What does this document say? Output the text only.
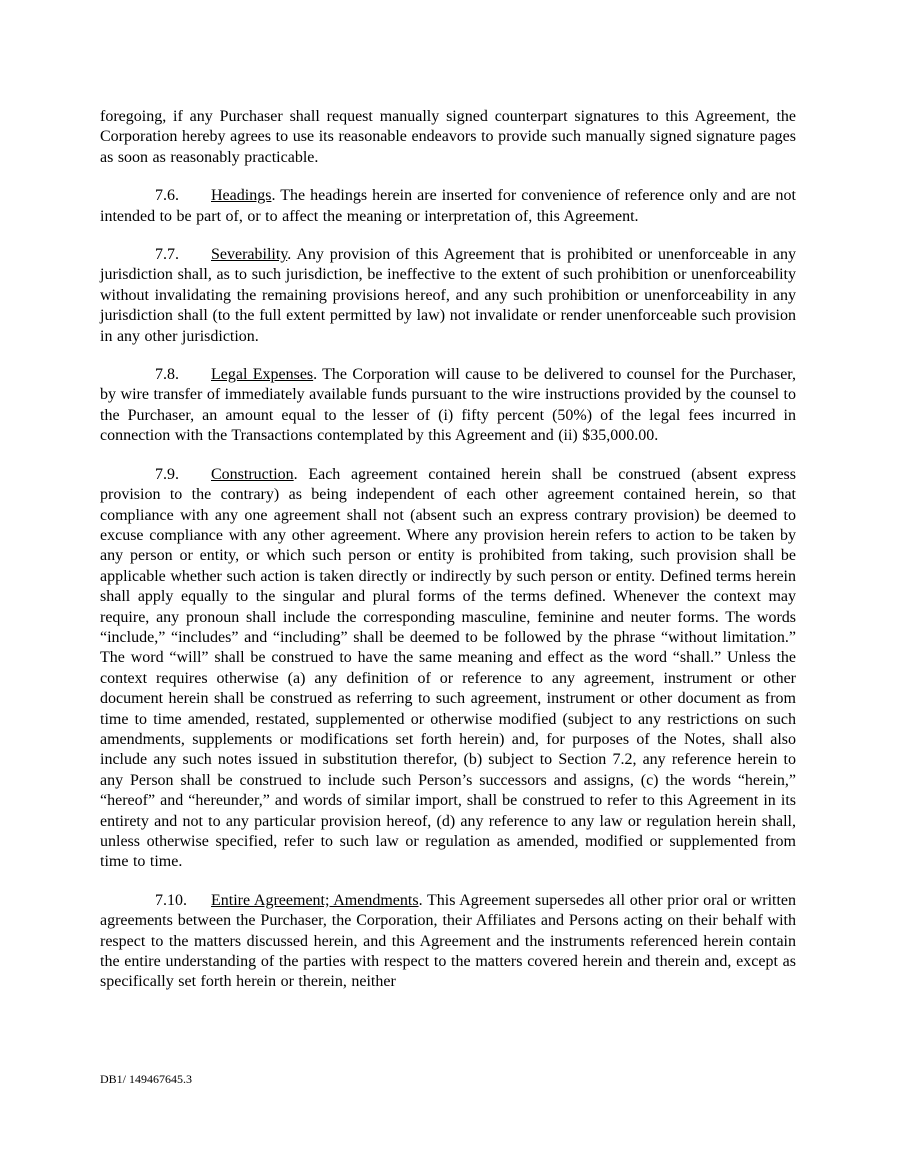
foregoing, if any Purchaser shall request manually signed counterpart signatures to this Agreement, the Corporation hereby agrees to use its reasonable endeavors to provide such manually signed signature pages as soon as reasonably practicable.

7.6. Headings. The headings herein are inserted for convenience of reference only and are not intended to be part of, or to affect the meaning or interpretation of, this Agreement.

7.7. Severability. Any provision of this Agreement that is prohibited or unenforceable in any jurisdiction shall, as to such jurisdiction, be ineffective to the extent of such prohibition or unenforceability without invalidating the remaining provisions hereof, and any such prohibition or unenforceability in any jurisdiction shall (to the full extent permitted by law) not invalidate or render unenforceable such provision in any other jurisdiction.

7.8. Legal Expenses. The Corporation will cause to be delivered to counsel for the Purchaser, by wire transfer of immediately available funds pursuant to the wire instructions provided by the counsel to the Purchaser, an amount equal to the lesser of (i) fifty percent (50%) of the legal fees incurred in connection with the Transactions contemplated by this Agreement and (ii) $35,000.00.

7.9. Construction. Each agreement contained herein shall be construed (absent express provision to the contrary) as being independent of each other agreement contained herein, so that compliance with any one agreement shall not (absent such an express contrary provision) be deemed to excuse compliance with any other agreement. Where any provision herein refers to action to be taken by any person or entity, or which such person or entity is prohibited from taking, such provision shall be applicable whether such action is taken directly or indirectly by such person or entity. Defined terms herein shall apply equally to the singular and plural forms of the terms defined. Whenever the context may require, any pronoun shall include the corresponding masculine, feminine and neuter forms. The words “include,” “includes” and “including” shall be deemed to be followed by the phrase “without limitation.” The word “will” shall be construed to have the same meaning and effect as the word “shall.” Unless the context requires otherwise (a) any definition of or reference to any agreement, instrument or other document herein shall be construed as referring to such agreement, instrument or other document as from time to time amended, restated, supplemented or otherwise modified (subject to any restrictions on such amendments, supplements or modifications set forth herein) and, for purposes of the Notes, shall also include any such notes issued in substitution therefor, (b) subject to Section 7.2, any reference herein to any Person shall be construed to include such Person’s successors and assigns, (c) the words “herein,” “hereof” and “hereunder,” and words of similar import, shall be construed to refer to this Agreement in its entirety and not to any particular provision hereof, (d) any reference to any law or regulation herein shall, unless otherwise specified, refer to such law or regulation as amended, modified or supplemented from time to time.

7.10. Entire Agreement; Amendments. This Agreement supersedes all other prior oral or written agreements between the Purchaser, the Corporation, their Affiliates and Persons acting on their behalf with respect to the matters discussed herein, and this Agreement and the instruments referenced herein contain the entire understanding of the parties with respect to the matters covered herein and therein and, except as specifically set forth herein or therein, neither

DB1/ 149467645.3
